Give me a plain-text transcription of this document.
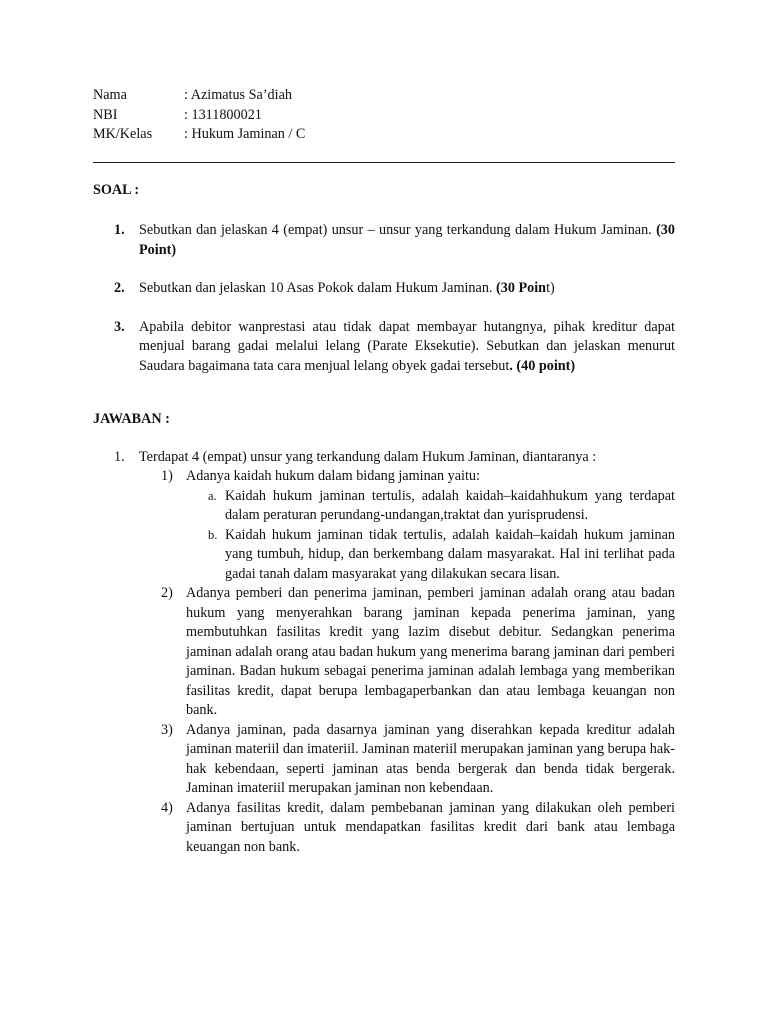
Nama	: Azimatus Sa’diah
NBI	: 1311800021
MK/Kelas	: Hukum Jaminan / C

SOAL :

1.	Sebutkan dan jelaskan 4 (empat) unsur – unsur yang terkandung dalam Hukum Jaminan. (30 Point)
2.	Sebutkan dan jelaskan 10 Asas Pokok dalam Hukum Jaminan. (30 Point)
3.	Apabila debitor wanprestasi atau tidak dapat membayar hutangnya, pihak kreditur dapat menjual barang gadai melalui lelang (Parate Eksekutie). Sebutkan dan jelaskan menurut Saudara bagaimana tata cara menjual lelang obyek gadai tersebut. (40 point)

JAWABAN :

1.	Terdapat 4 (empat) unsur yang terkandung dalam Hukum Jaminan, diantaranya :
1) Adanya kaidah hukum dalam bidang jaminan yaitu:
a. Kaidah hukum jaminan tertulis, adalah kaidah–kaidahhukum yang terdapat dalam peraturan perundang-undangan,traktat dan yurisprudensi.
b. Kaidah hukum jaminan tidak tertulis, adalah kaidah–kaidah hukum jaminan yang tumbuh, hidup, dan berkembang dalam masyarakat. Hal ini terlihat pada gadai tanah dalam masyarakat yang dilakukan secara lisan.
2) Adanya pemberi dan penerima jaminan, pemberi jaminan adalah orang atau badan hukum yang menyerahkan barang jaminan kepada penerima jaminan, yang membutuhkan fasilitas kredit yang lazim disebut debitur. Sedangkan penerima jaminan adalah orang atau badan hukum yang menerima barang jaminan dari pemberi jaminan. Badan hukum sebagai penerima jaminan adalah lembaga yang memberikan fasilitas kredit, dapat berupa lembagaperbankan dan atau lembaga keuangan non bank.
3) Adanya jaminan, pada dasarnya jaminan yang diserahkan kepada kreditur adalah jaminan materiil dan imateriil. Jaminan materiil merupakan jaminan yang berupa hak-hak kebendaan, seperti jaminan atas benda bergerak dan benda tidak bergerak. Jaminan imateriil merupakan jaminan non kebendaan.
4) Adanya fasilitas kredit, dalam pembebanan jaminan yang dilakukan oleh pemberi jaminan bertujuan untuk mendapatkan fasilitas kredit dari bank atau lembaga keuangan non bank.
